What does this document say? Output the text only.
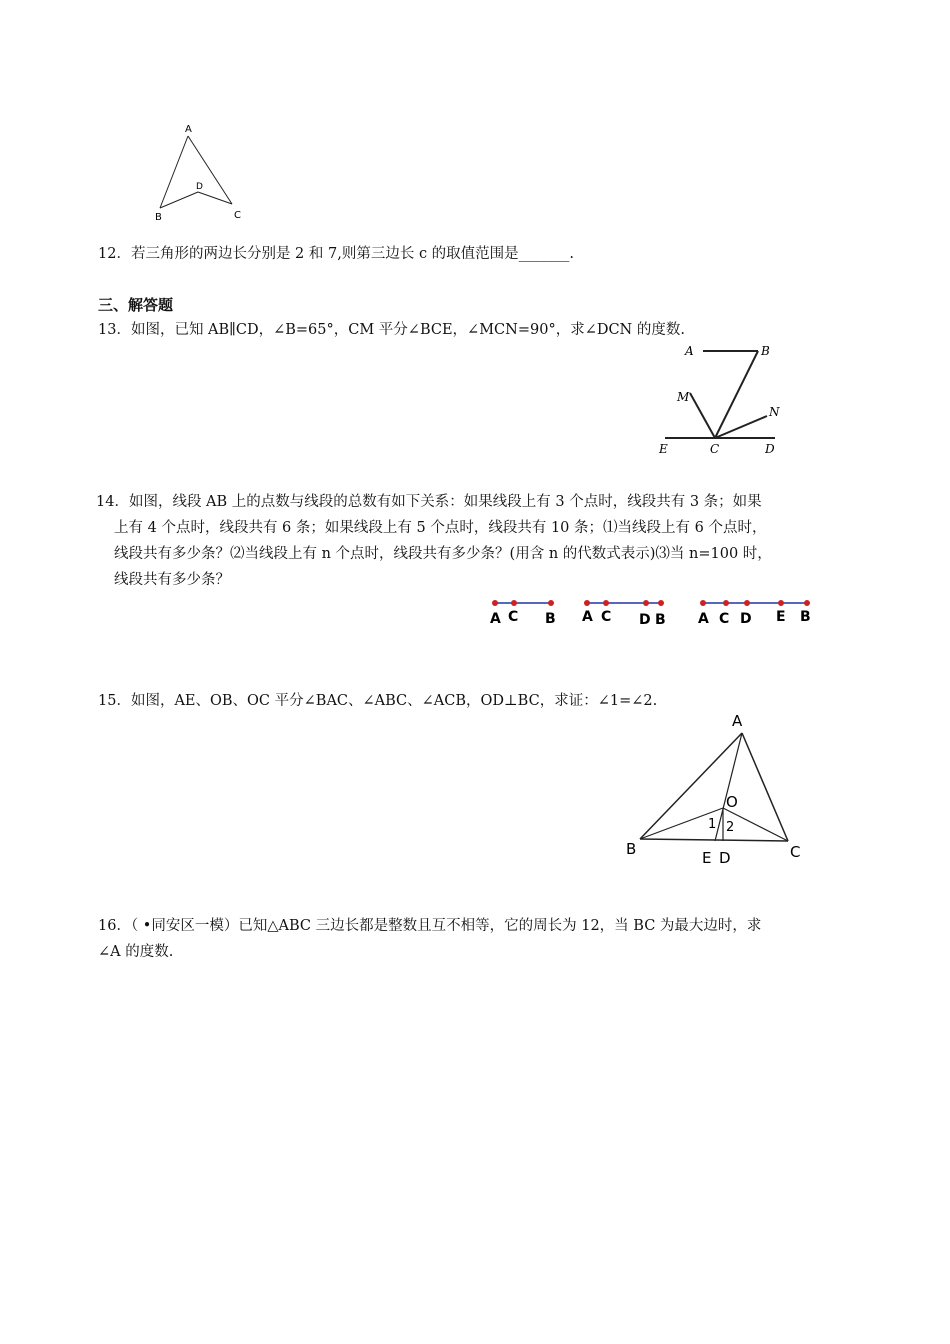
A
B	C
D
12．若三角形的两边长分别是 2 和 7,则第三边长 c 的取值范围是_______.
三、解答题
13．如图，已知 AB∥CD，∠B=65°，CM 平分∠BCE，∠MCN=90°，求∠DCN 的度数.
A	B
M
N
E	C	D
14．如图，线段 AB 上的点数与线段的总数有如下关系：如果线段上有 3 个点时，线段共有 3 条；如果
上有 4 个点时，线段共有 6 条；如果线段上有 5 个点时，线段共有 10 条；⑴当线段上有 6 个点时，
线段共有多少条？⑵当线段上有 n 个点时，线段共有多少条？(用含 n 的代数式表示)⑶当 n=100 时，
线段共有多少条？
A C B A C D B A C D E B
15．如图，AE、OB、OC 平分∠BAC、∠ABC、∠ACB，OD⊥BC，求证：∠1=∠2.
A
O
1 2
B	E D	C
16．（ •同安区一模）已知△ABC 三边长都是整数且互不相等，它的周长为 12，当 BC 为最大边时，求
∠A 的度数.
